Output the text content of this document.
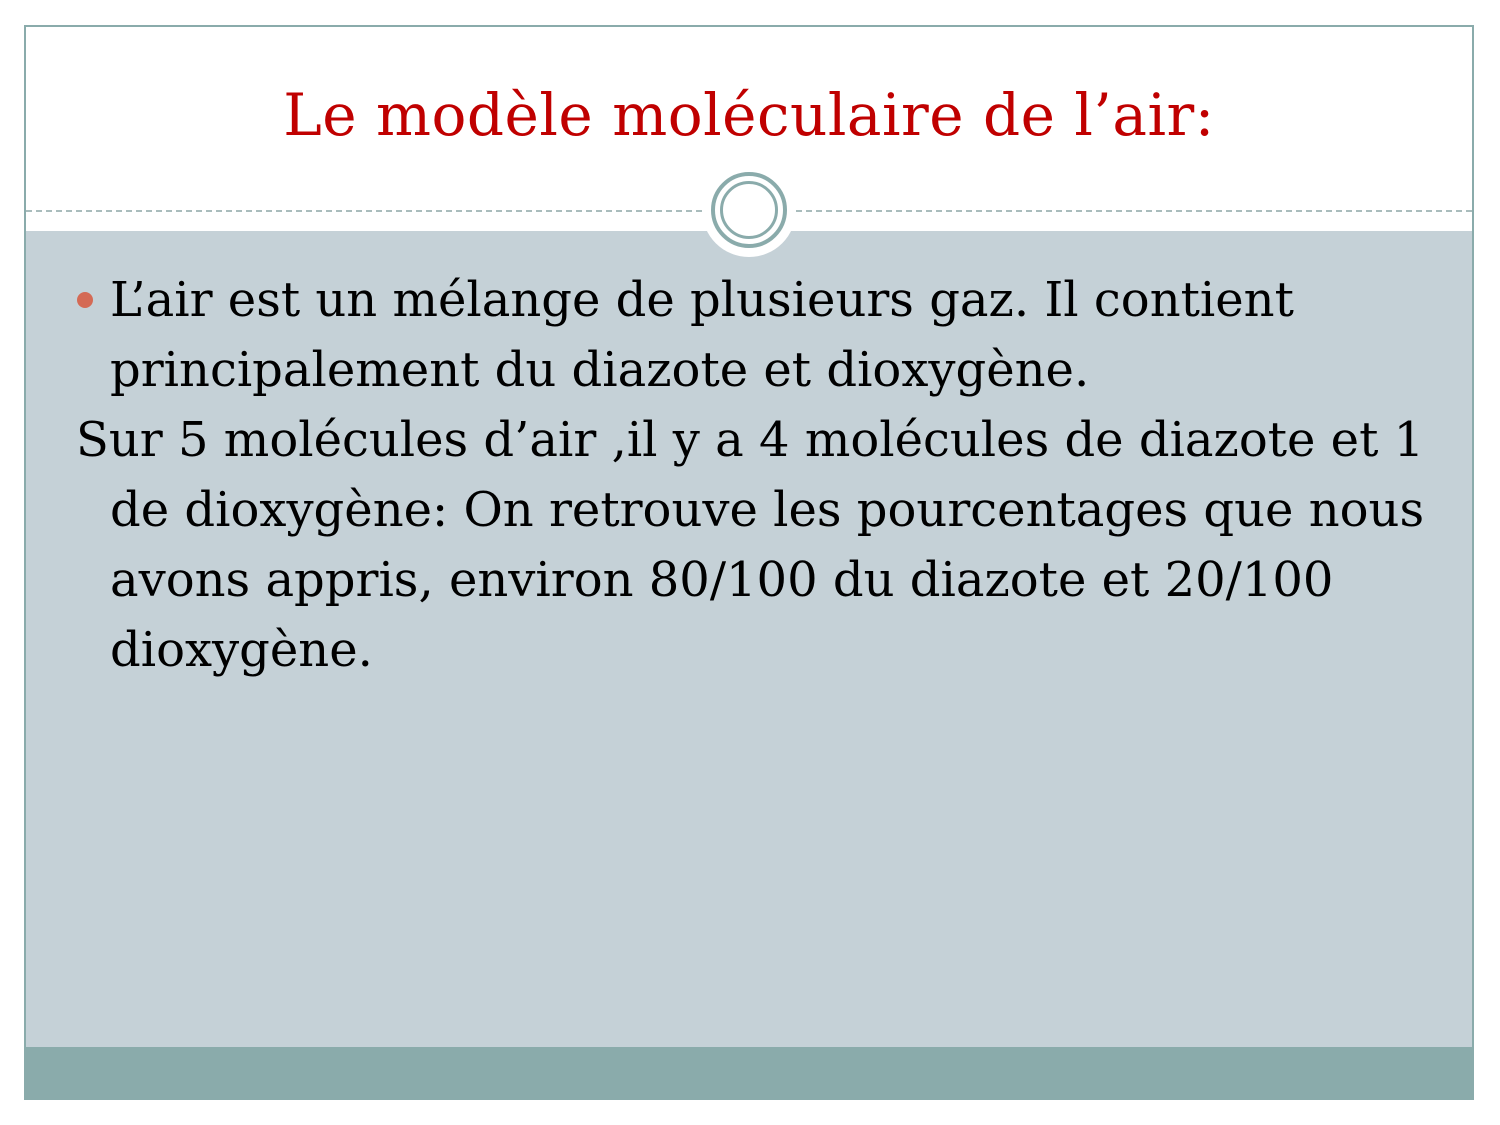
Le modèle moléculaire de l’air:
L’air est un mélange de plusieurs gaz. Il contient
principalement du diazote et dioxygène.
Sur 5 molécules d’air ,il y a 4 molécules de diazote et 1
de dioxygène: On retrouve les pourcentages que nous
avons appris, environ 80/100 du diazote et 20/100
dioxygène.
